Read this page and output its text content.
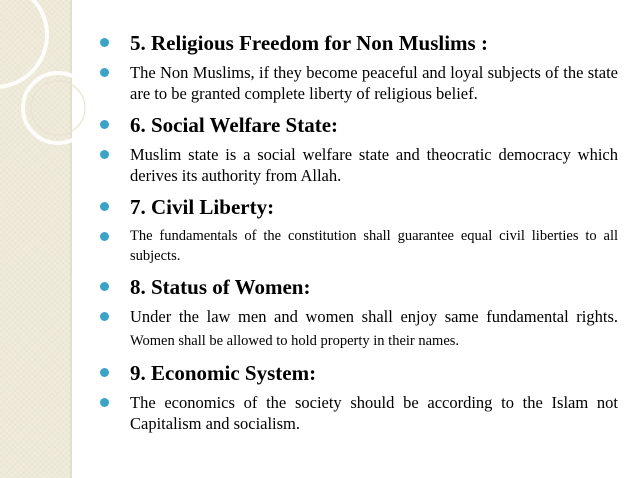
5. Religious Freedom for Non Muslims :
The Non Muslims, if they become peaceful and loyal subjects of the state are to be granted complete liberty of religious belief.
6. Social Welfare State:
Muslim state is a social welfare state and theocratic democracy which derives its authority from Allah.
7. Civil Liberty:
The fundamentals of the constitution shall guarantee equal civil liberties to all subjects.
8. Status of Women:
Under the law men and women shall enjoy same fundamental rights. Women shall be allowed to hold property in their names.
9. Economic System:
The economics of the society should be according to the Islam not Capitalism and socialism.
